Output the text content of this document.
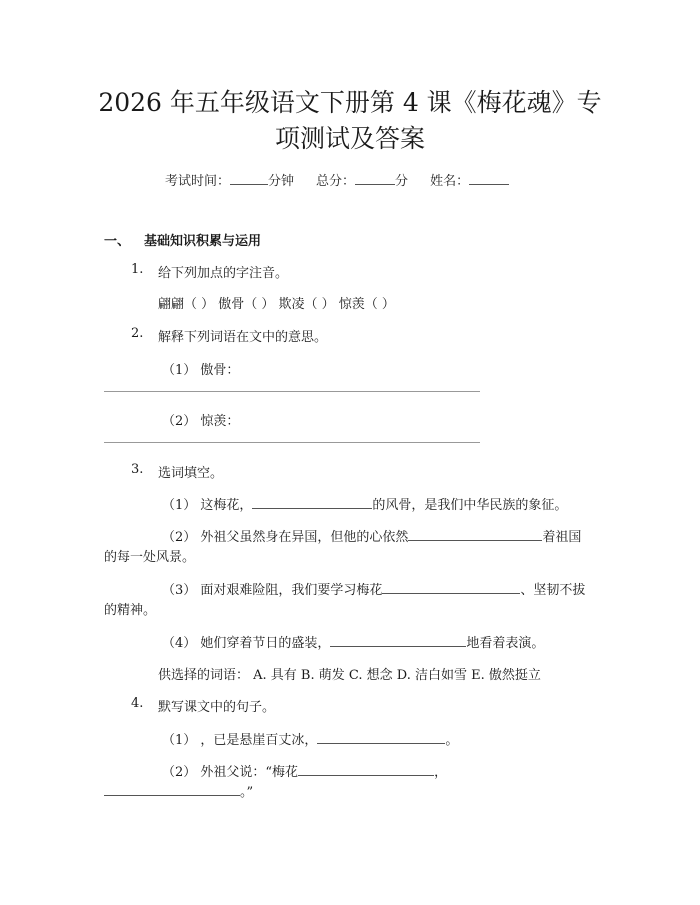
2026 年五年级语文下册第 4 课《梅花魂》专
项测试及答案
考试时间：	分钟 总分：	分 姓名：
一、 基础知识积累与运用
1. 给下列加点的字注音。
翩翩（ ） 傲骨（ ） 欺凌（ ） 惊羡（ ）
2. 解释下列词语在文中的意思。
（1） 傲骨：
（2） 惊羡：
3. 选词填空。
（1） 这梅花，	的风骨，是我们中华民族的象征。
（2） 外祖父虽然身在异国，但他的心依然	着祖国
的每一处风景。
（3） 面对艰难险阻，我们要学习梅花	、坚韧不拔
的精神。
（4） 她们穿着节日的盛装，	地看着表演。
供选择的词语： A. 具有 B. 萌发 C. 想念 D. 洁白如雪 E. 傲然挺立
4. 默写课文中的句子。
（1） ，已是悬崖百丈冰，	。
（2） 外祖父说：“梅花	，
。”
